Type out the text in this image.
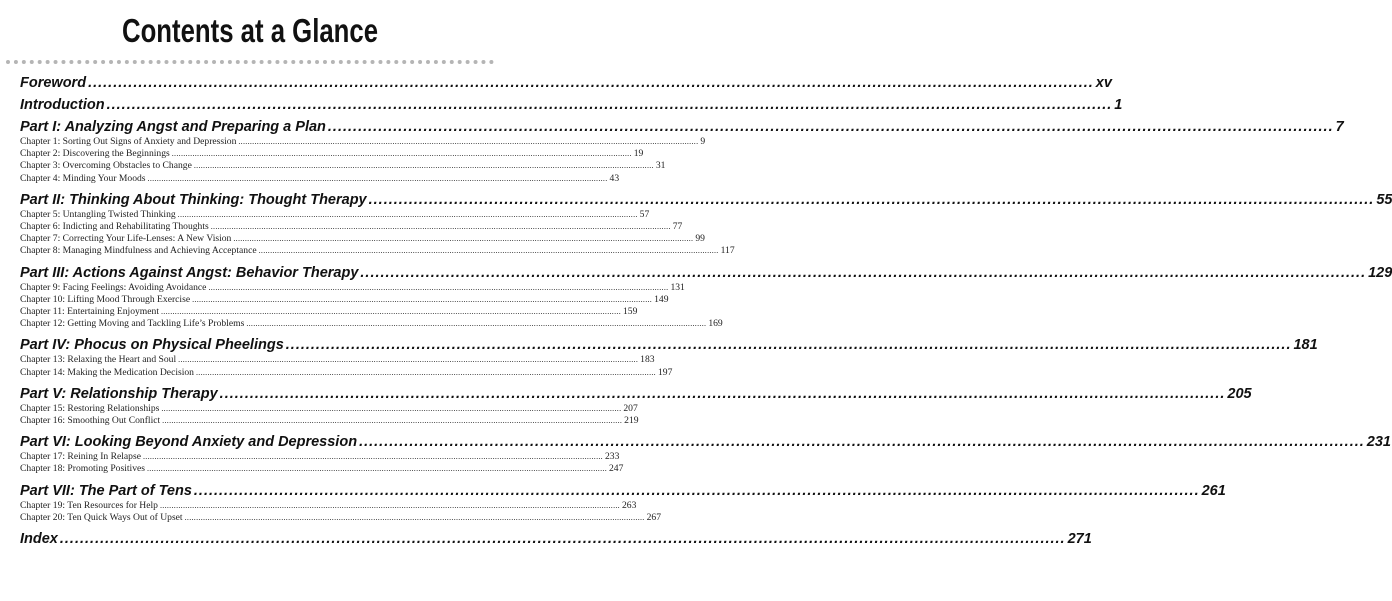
Contents at a Glance
Foreword ........................................................................................................................................................................................................ xv
Introduction ........................................................................................................................................................................................................ 1
Part I: Analyzing Angst and Preparing a Plan ........................................................................................................................................................................................................ 7
Chapter 1: Sorting Out Signs of Anxiety and Depression ........................................................................................................................................................................................................ 9
Chapter 2: Discovering the Beginnings ........................................................................................................................................................................................................ 19
Chapter 3: Overcoming Obstacles to Change ........................................................................................................................................................................................................ 31
Chapter 4: Minding Your Moods ........................................................................................................................................................................................................ 43
Part II: Thinking About Thinking: Thought Therapy ........................................................................................................................................................................................................ 55
Chapter 5: Untangling Twisted Thinking ........................................................................................................................................................................................................ 57
Chapter 6: Indicting and Rehabilitating Thoughts ........................................................................................................................................................................................................ 77
Chapter 7: Correcting Your Life-Lenses: A New Vision ........................................................................................................................................................................................................ 99
Chapter 8: Managing Mindfulness and Achieving Acceptance ........................................................................................................................................................................................................ 117
Part III: Actions Against Angst: Behavior Therapy ........................................................................................................................................................................................................ 129
Chapter 9: Facing Feelings: Avoiding Avoidance ........................................................................................................................................................................................................ 131
Chapter 10: Lifting Mood Through Exercise ........................................................................................................................................................................................................ 149
Chapter 11: Entertaining Enjoyment ........................................................................................................................................................................................................ 159
Chapter 12: Getting Moving and Tackling Life’s Problems ........................................................................................................................................................................................................ 169
Part IV: Phocus on Physical Pheelings ........................................................................................................................................................................................................ 181
Chapter 13: Relaxing the Heart and Soul ........................................................................................................................................................................................................ 183
Chapter 14: Making the Medication Decision ........................................................................................................................................................................................................ 197
Part V: Relationship Therapy ........................................................................................................................................................................................................ 205
Chapter 15: Restoring Relationships ........................................................................................................................................................................................................ 207
Chapter 16: Smoothing Out Conflict ........................................................................................................................................................................................................ 219
Part VI: Looking Beyond Anxiety and Depression ........................................................................................................................................................................................................ 231
Chapter 17: Reining In Relapse ........................................................................................................................................................................................................ 233
Chapter 18: Promoting Positives ........................................................................................................................................................................................................ 247
Part VII: The Part of Tens ........................................................................................................................................................................................................ 261
Chapter 19: Ten Resources for Help ........................................................................................................................................................................................................ 263
Chapter 20: Ten Quick Ways Out of Upset ........................................................................................................................................................................................................ 267
Index ........................................................................................................................................................................................................ 271
